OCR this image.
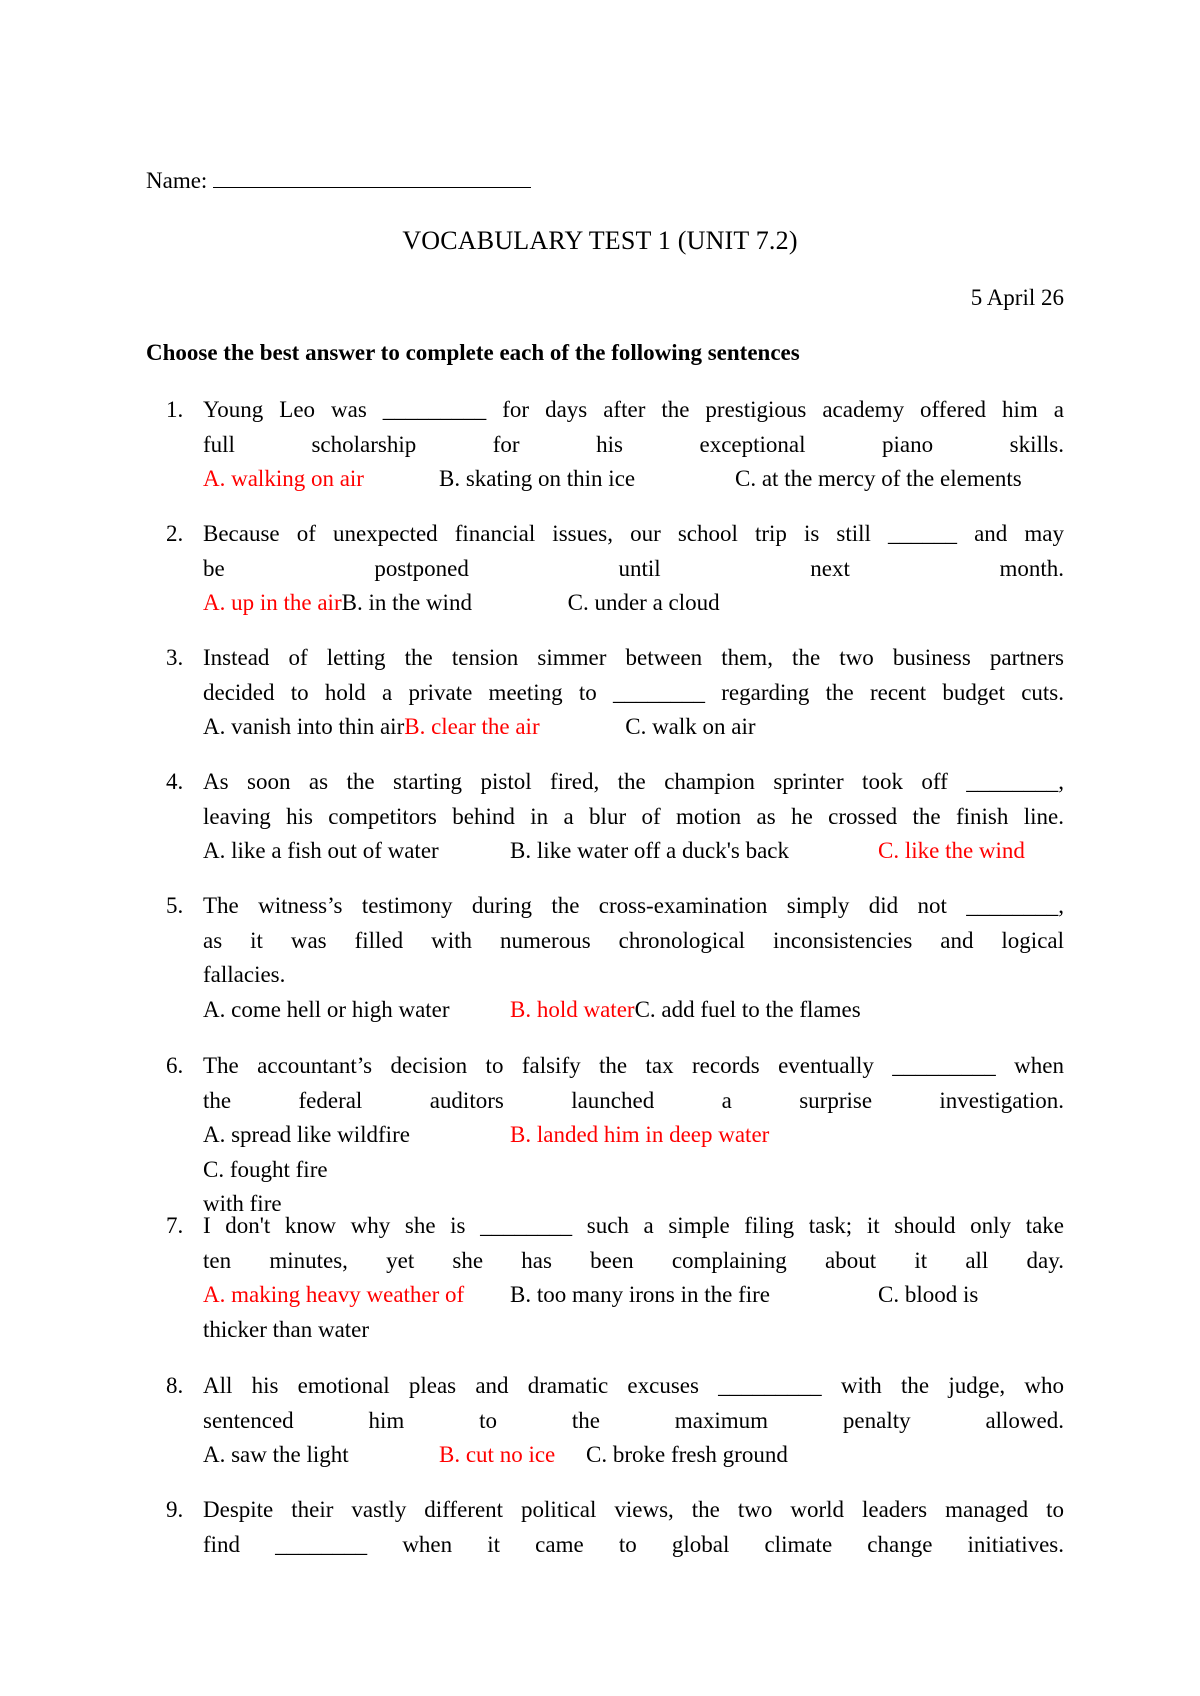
Name:
VOCABULARY TEST 1 (UNIT 7.2)
5 April 26
Choose the best answer to complete each of the following sentences
1. Young Leo was _________ for days after the prestigious academy offered him a
full scholarship for his exceptional piano skills.
A. walking on air	B. skating on thin ice	C. at the mercy of the elements
2. Because of unexpected financial issues, our school trip is still ______ and may
be postponed until next month.
A. up in the airB. in the wind	C. under a cloud
3. Instead of letting the tension simmer between them, the two business partners
decided to hold a private meeting to ________ regarding the recent budget cuts.
A. vanish into thin airB. clear the air	C. walk on air
4. As soon as the starting pistol fired, the champion sprinter took off ________,
leaving his competitors behind in a blur of motion as he crossed the finish line.
A. like a fish out of water	B. like water off a duck's back	C. like the wind
5. The witness’s testimony during the cross-examination simply did not ________,
as it was filled with numerous chronological inconsistencies and logical
fallacies.
A. come hell or high water	B. hold waterC. add fuel to the flames
6. The accountant’s decision to falsify the tax records eventually _________ when
the federal auditors launched a surprise investigation.
A. spread like wildfire	B. landed him in deep water
C. fought fire
with fire
7. I don't know why she is ________ such a simple filing task; it should only take
ten minutes, yet she has been complaining about it all day.
A. making heavy weather of B. too many irons in the fire	C. blood is
thicker than water
8. All his emotional pleas and dramatic excuses _________ with the judge, who
sentenced him to the maximum penalty allowed.
A. saw the light	B. cut no ice C. broke fresh ground
9. Despite their vastly different political views, the two world leaders managed to
find ________ when it came to global climate change initiatives.
